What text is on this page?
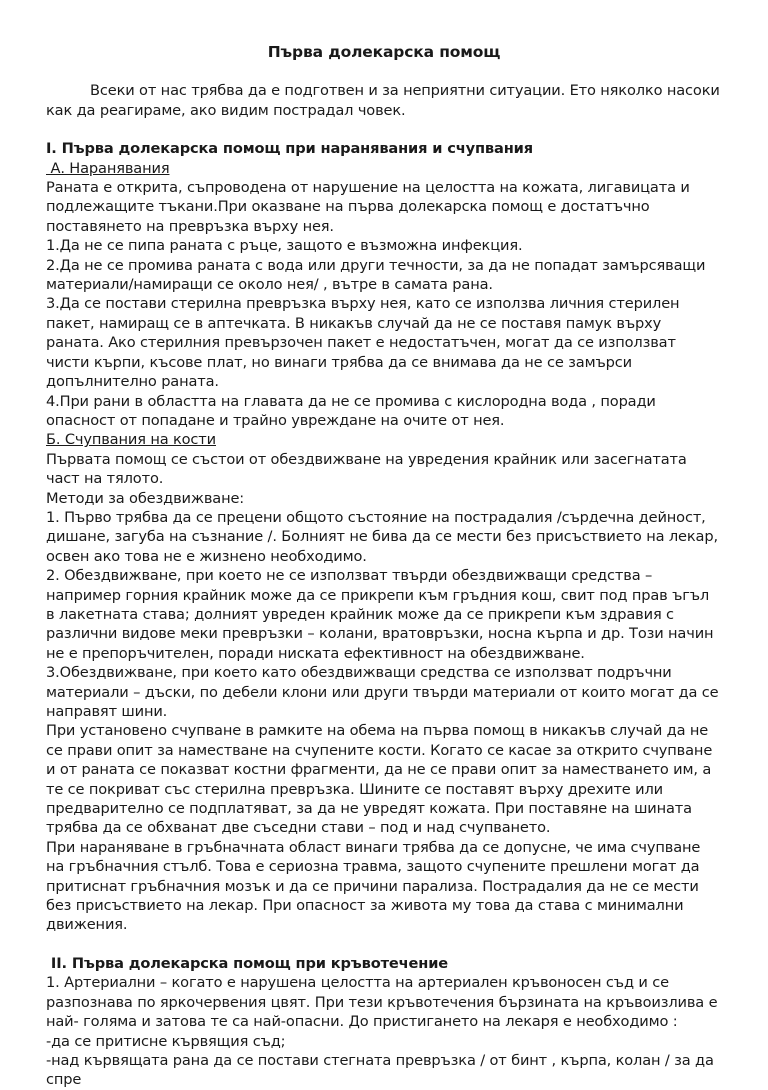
Първа долекарска помощ

Всеки от нас трябва да е подготвен и за неприятни ситуации. Ето няколко насоки как да реагираме, ако видим пострадал човек.

I. Първа долекарска помощ при наранявания и счупвания

А. Наранявания

Раната е открита, съпроводена от нарушение на целостта на кожата, лигавицата и подлежащите тъкани.При оказване на първа долекарска помощ е достатъчно поставянето на превръзка върху нея.

1.Да не се пипа раната с ръце, защото е възможна инфекция.

2.Да не се промива раната с вода или други течности, за да не попадат замърсяващи материали/намиращи се около нея/ , вътре в самата рана.

3.Да се постави стерилна превръзка върху нея, като се използва личния стерилен пакет, намиращ се в аптечката. В никакъв случай да не се поставя памук върху раната. Ако стерилния превързочен пакет е недостатъчен, могат да се използват чисти кърпи, късове плат, но винаги трябва да се внимава да не се замърси допълнително раната.

4.При рани в областта на главата да не се промива с кислородна вода , поради опасност от попадане и трайно увреждане на очите от нея.

Б. Счупвания на кости

Първата помощ се състои от обездвижване на увредения крайник или засегнатата част на тялото.

Методи за обездвижване:

1. Първо трябва да се прецени общото състояние на пострадалия /сърдечна дейност, дишане, загуба на съзнание /. Болният не бива да се мести без присъствието на лекар, освен ако това не е жизнено необходимо.

2. Обездвижване, при което не се използват твърди обездвижващи средства – например горния крайник може да се прикрепи към гръдния кош, свит под прав ъгъл в лакетната става; долният увреден крайник може да се прикрепи към здравия с различни видове меки превръзки – колани, вратовръзки, носна кърпа и др. Този начин не е препоръчителен, поради ниската ефективност на обездвижване.

3.Обездвижване, при което като обездвижващи средства се използват подръчни материали – дъски, по дебели клони или други твърди материали от които могат да се направят шини.

При установено счупване в рамките на обема на първа помощ в никакъв случай да не се прави опит за наместване на счупените кости. Когато се касае за открито счупване и от раната се показват костни фрагменти, да не се прави опит за наместването им, а те се покриват със стерилна превръзка. Шините се поставят върху дрехите или предварително се подплатяват, за да не увредят кожата. При поставяне на шината трябва да се обхванат две съседни стави – под и над счупването.

При нараняване в гръбначната област винаги трябва да се допусне, че има счупване на гръбначния стълб. Това е сериозна травма, защото счупените прешлени могат да притиснат гръбначния мозък и да се причини парализа. Пострадалия да не се мести без присъствието на лекар. При опасност за живота му това да става с минимални движения.

II. Първа долекарска помощ при кръвотечение

1. Артериални – когато е нарушена целостта на артериален кръвоносен съд и се разпознава по яркочервения цвят. При тези кръвотечения бързината на кръвоизлива е най- голяма и затова те са най-опасни. До пристигането на лекаря е необходимо :

-да се притисне кървящия съд;

-над кървящата рана да се постави стегната превръзка / от бинт , кърпа, колан / за да спре
